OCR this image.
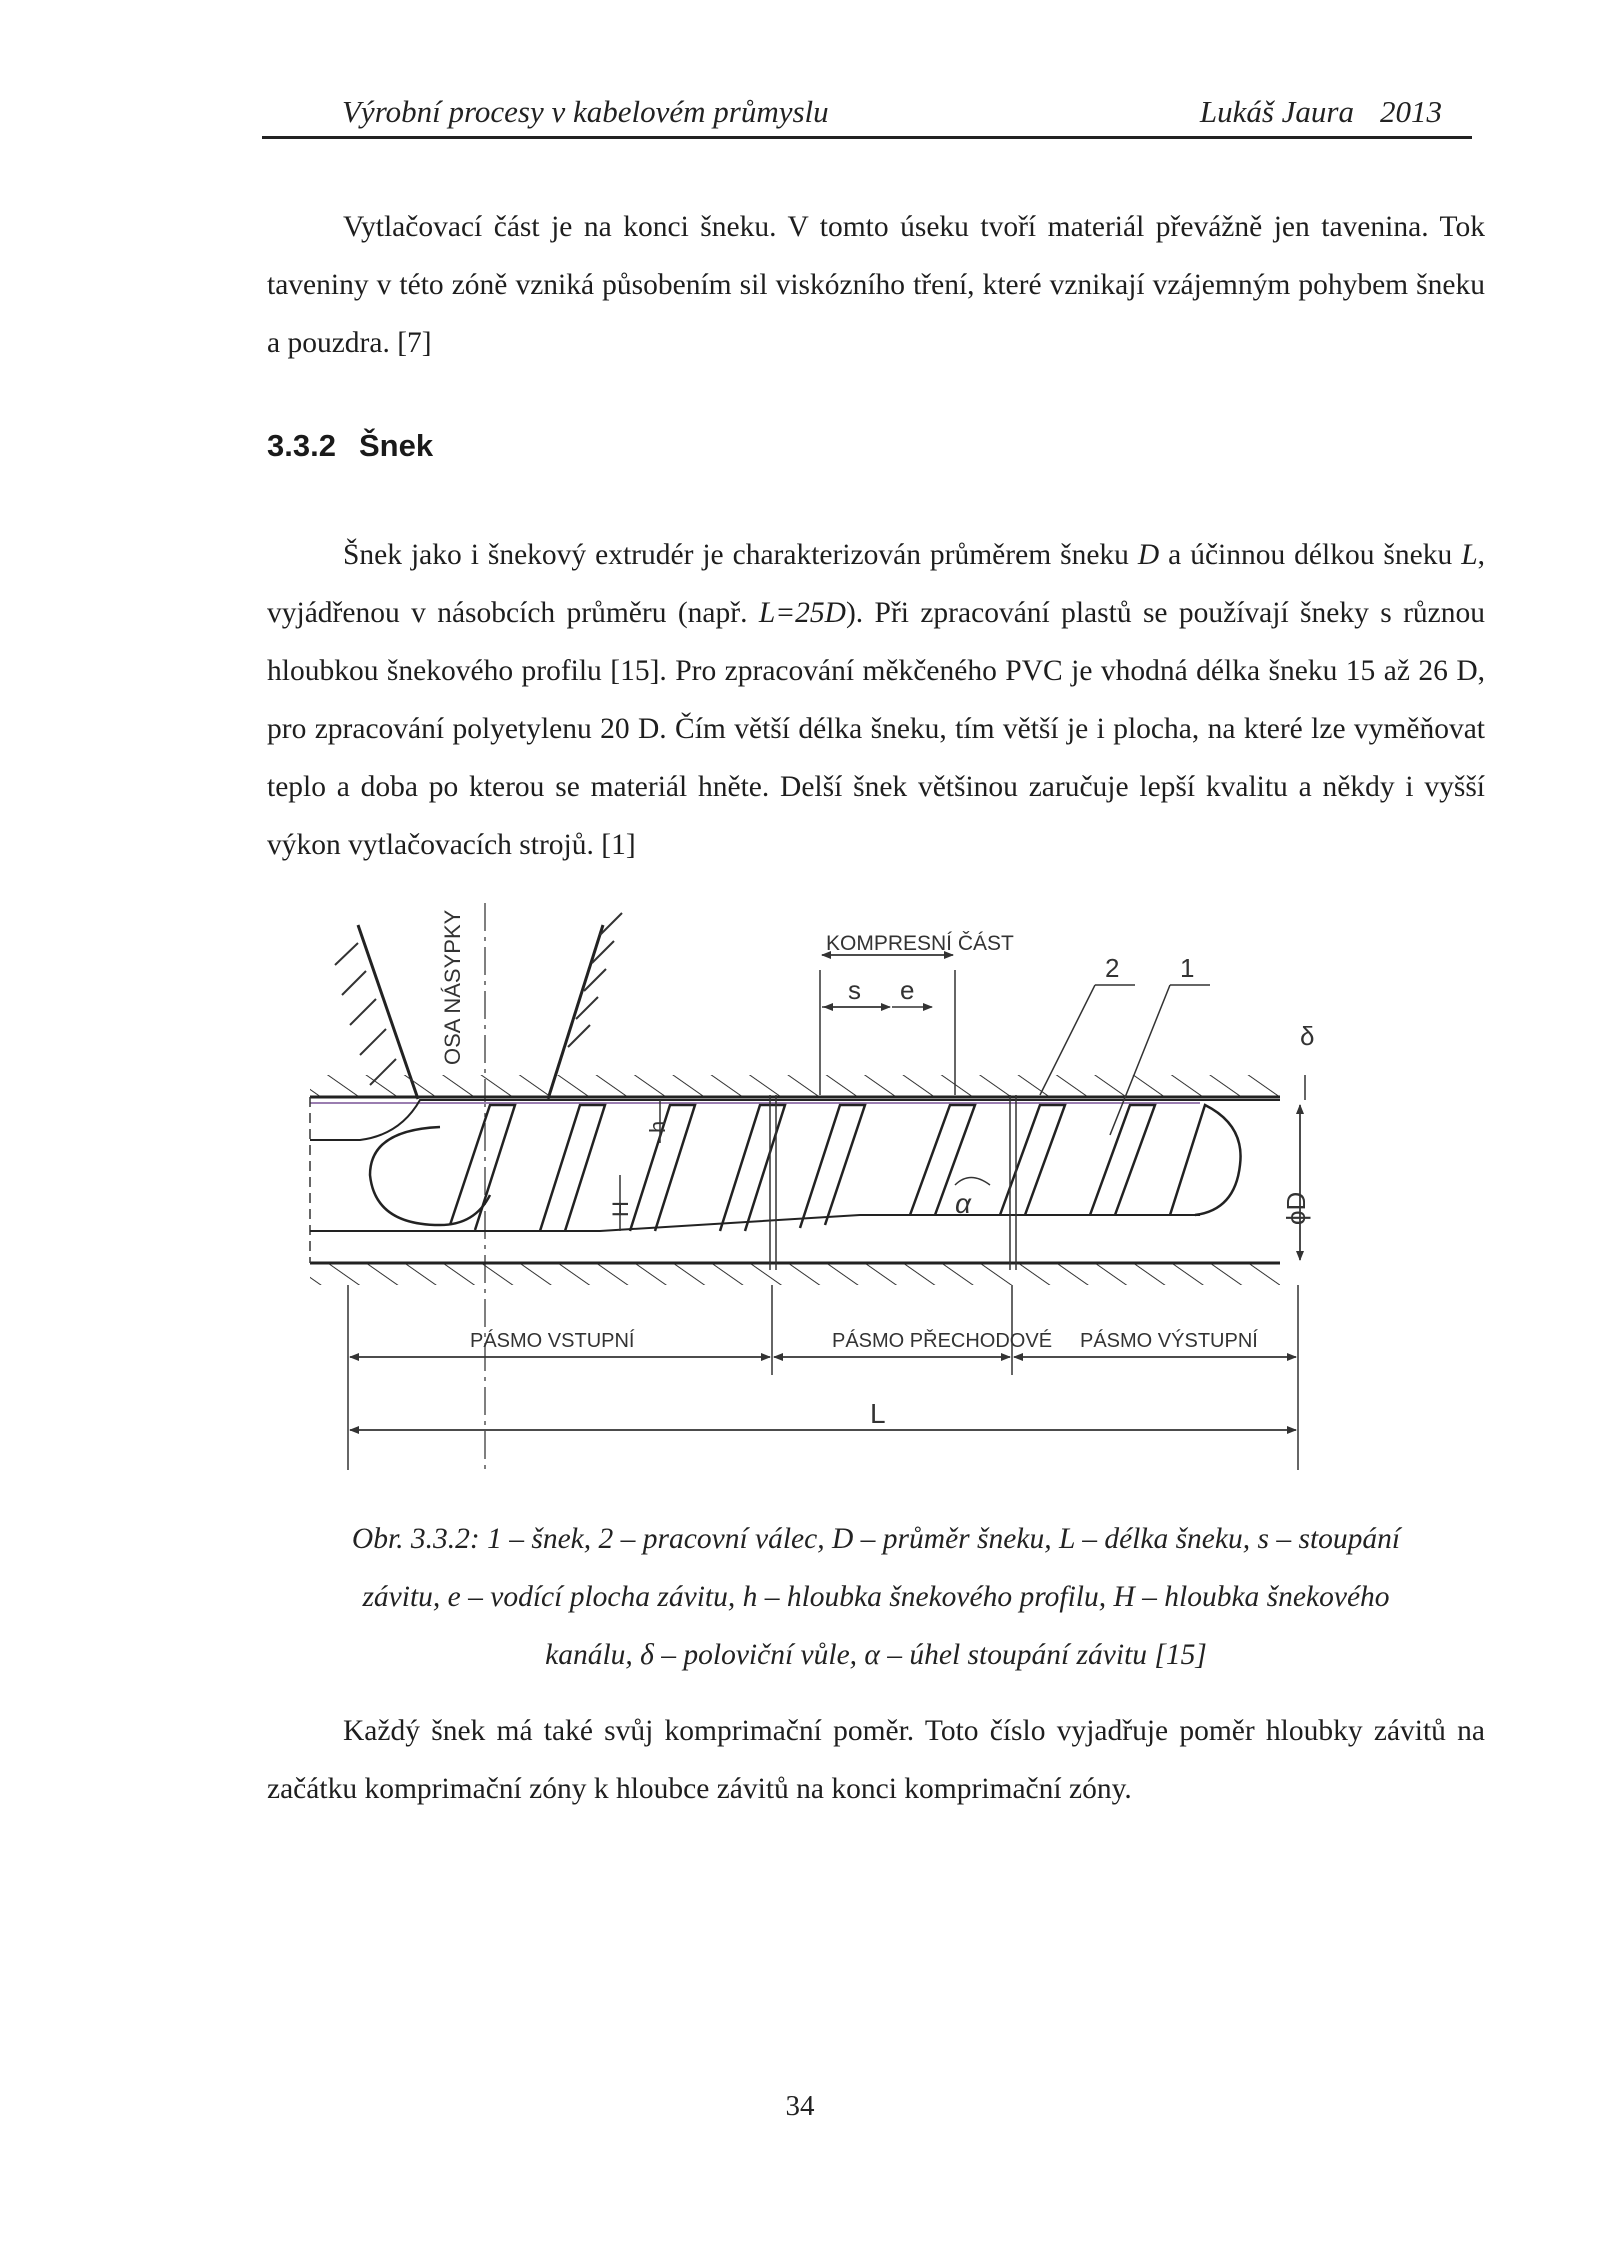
Výrobní procesy v kabelovém průmyslu	Lukáš Jaura 2013

Vytlačovací část je na konci šneku. V tomto úseku tvoří materiál převážně jen tavenina. Tok taveniny v této zóně vzniká působením sil viskózního tření, které vznikají vzájemným pohybem šneku a pouzdra. [7]

3.3.2 Šnek

Šnek jako i šnekový extrudér je charakterizován průměrem šneku D a účinnou délkou šneku L, vyjádřenou v násobcích průměru (např. L=25D). Při zpracování plastů se používají šneky s různou hloubkou šnekového profilu [15]. Pro zpracování měkčeného PVC je vhodná délka šneku 15 až 26 D, pro zpracování polyetylenu 20 D. Čím větší délka šneku, tím větší je i plocha, na které lze vyměňovat teplo a doba po kterou se materiál hněte. Delší šnek většinou zaručuje lepší kvalitu a někdy i vyšší výkon vytlačovacích strojů. [1]

OSA NÁSYPKY	KOMPRESNÍ ČÁST
s e
2 1
h
H	α
δ
ϕD
PÁSMO VSTUPNÍ	PÁSMO PŘECHODOVÉ PÁSMO VÝSTUPNÍ
L
Obr. 3.3.2: 1 – šnek, 2 – pracovní válec, D – průměr šneku, L – délka šneku, s – stoupání
závitu, e – vodící plocha závitu, h – hloubka šnekového profilu, H – hloubka šnekového
kanálu, δ – poloviční vůle, α – úhel stoupání závitu [15]

Každý šnek má také svůj komprimační poměr. Toto číslo vyjadřuje poměr hloubky závitů na začátku komprimační zóny k hloubce závitů na konci komprimační zóny.

34
